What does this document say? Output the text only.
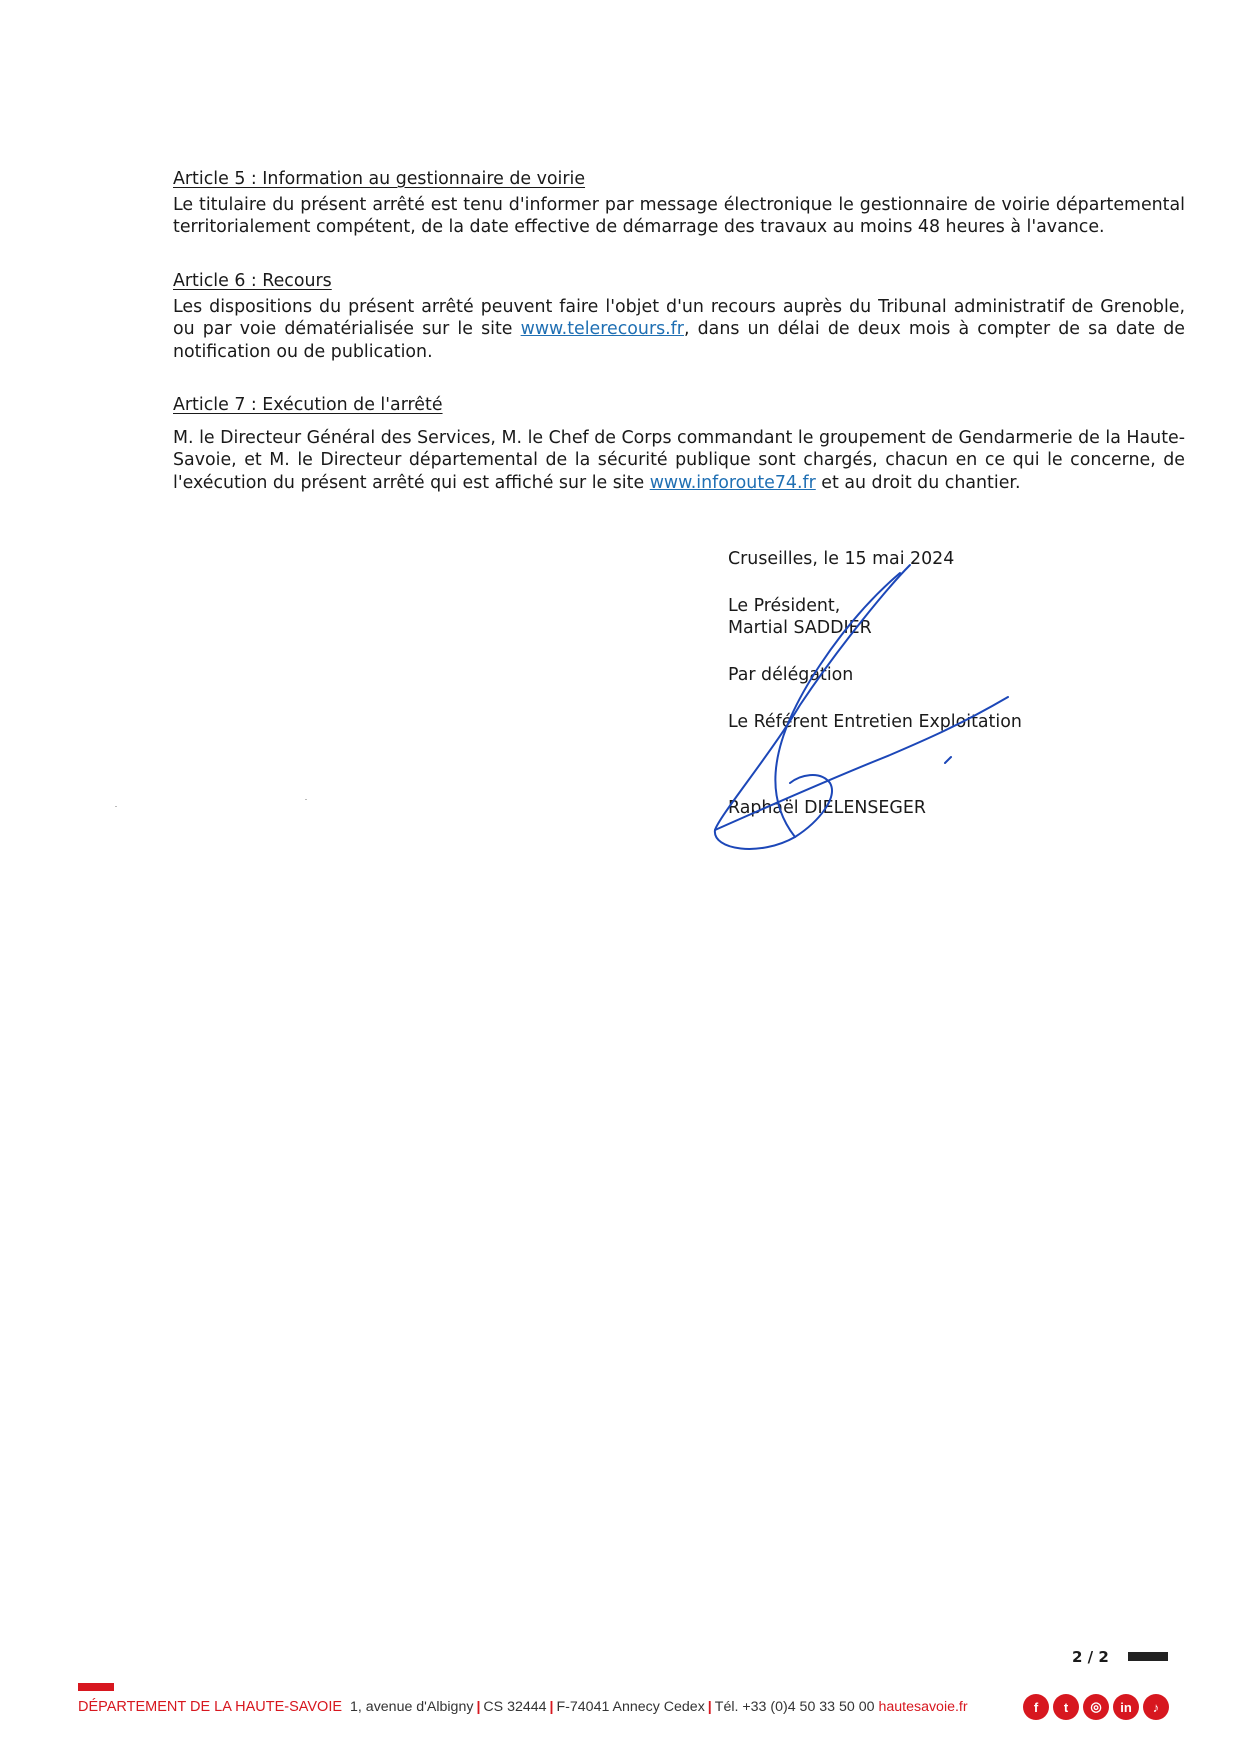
Article 5 : Information au gestionnaire de voirie

Le titulaire du présent arrêté est tenu d'informer par message électronique le gestionnaire de voirie départemental territorialement compétent, de la date effective de démarrage des travaux au moins 48 heures à l'avance.

Article 6 : Recours

Les dispositions du présent arrêté peuvent faire l'objet d'un recours auprès du Tribunal administratif de Grenoble, ou par voie dématérialisée sur le site www.telerecours.fr, dans un délai de deux mois à compter de sa date de notification ou de publication.

Article 7 : Exécution de l'arrêté

M. le Directeur Général des Services, M. le Chef de Corps commandant le groupement de Gendarmerie de la Haute-Savoie, et M. le Directeur départemental de la sécurité publique sont chargés, chacun en ce qui le concerne, de l'exécution du présent arrêté qui est affiché sur le site www.inforoute74.fr et au droit du chantier.

Cruseilles, le 15 mai 2024
Le Président,
Martial SADDIER
Par délégation
Le Référent Entretien Exploitation
Raphaël DIELENSEGER
2 / 2
DÉPARTEMENT DE LA HAUTE-SAVOIE 1, avenue d'Albigny | CS 32444 | F-74041 Annecy Cedex | Tél. +33 (0)4 50 33 50 00 hautesavoie.fr	f	t	◎	in	♪
